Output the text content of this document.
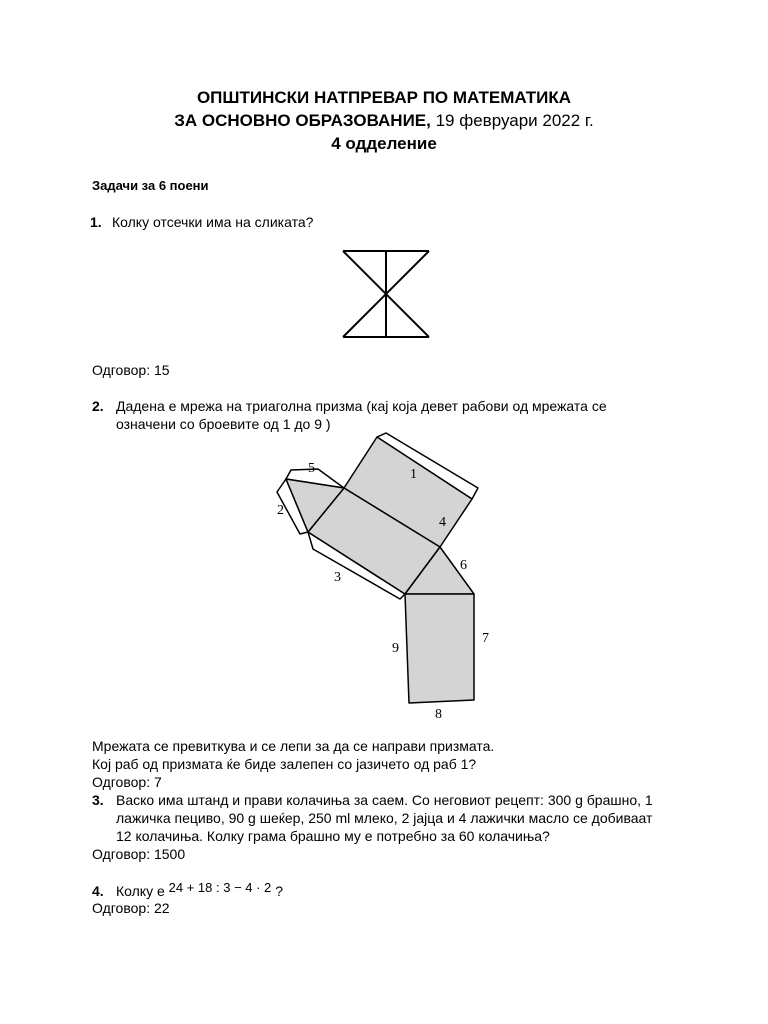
ОПШТИНСКИ НАТПРЕВАР ПО МАТЕМАТИКА
ЗА ОСНОВНО ОБРАЗОВАНИЕ, 19 февруари 2022 г.
4 одделение
Задачи за 6 поени
1. Колку отсечки има на сликата?
Одговор: 15
2. Дадена е мрежа на триаголна призма (кај која девет рабови од мрежата се
означени со броевите од 1 до 9 )
1
2
3
4
5
6
7
8
9
Мрежата се превиткува и се лепи за да се направи призмата.
Кој раб од призмата ќе биде залепен со јазичето од раб 1?
Одговор: 7
3. Васко има штанд и прави колачиња за саем. Со неговиот рецепт: 300 g брашно, 1
лажичка пециво, 90 g шеќер, 250 ml млеко, 2 јајца и 4 лажички масло се добиваат
12 колачиња. Колку грама брашно му е потребно за 60 колачиња?
Одговор: 1500
4. Колку е 24 + 18 : 3 − 4 · 2 ?
Одговор: 22
